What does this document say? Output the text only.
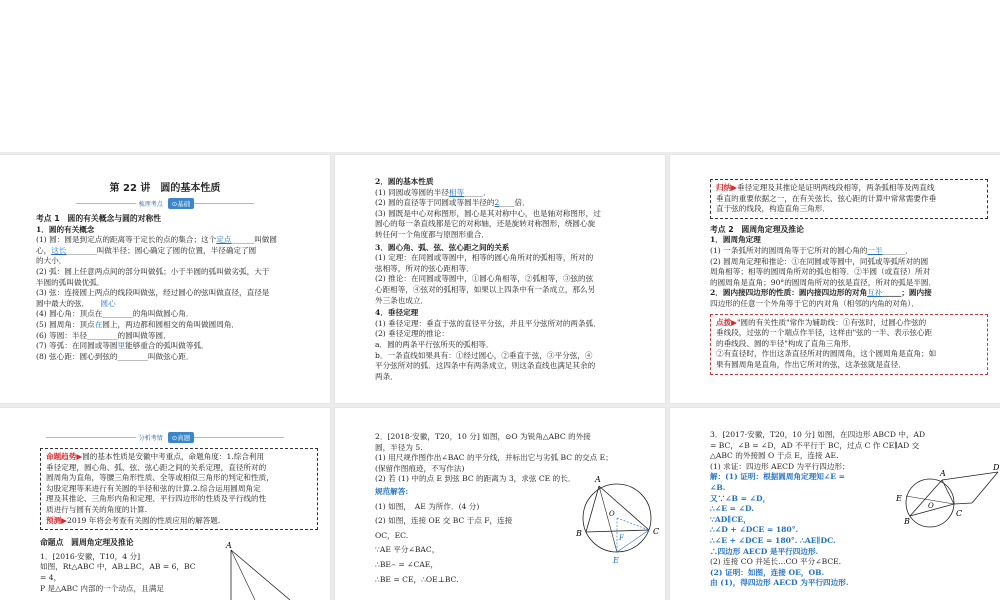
第 22 讲　圆的基本性质
梳理考点	⊙基础
考点 1　圆的有关概念与圆的对称性
1．圆的有关概念
(1) 圆：圆是到定点的距离等于定长的点的集合；这个定点______叫做圆
心，这长________叫做半径；圆心确定了圆的位置，半径确定了圆
的大小．
(2) 弧：圆上任意两点间的部分叫做弧；小于半圆的弧叫做劣弧，大于
半圆的弧叫做优弧．
(3) 弦：连接圆上两点的线段叫做弦，经过圆心的弦叫做直径，直径是
圆中最大的弦．　　 圆心
(4) 圆心角：顶点在________的角叫做圆心角．
(5) 圆周角：顶点在圆上，两边都和圆相交的角叫做圆周角．
(6) 等圆：半径________的圆叫做等圆．
(7) 等弧：在同圆或等圆里能够重合的弧叫做等弧．
(8) 弦心距：圆心到弦的________叫做弦心距．
2．圆的基本性质
(1) 同圆或等圆的半径相等_____．
(2) 圆的直径等于同圆或等圆半径的2____倍．
(3) 圆既是中心对称图形，圆心是其对称中心，也是轴对称图形，过
圆心的每一条直线都是它的对称轴，还是旋转对称图形，绕圆心旋
转任何一个角度都与原图形重合．
3．圆心角、弧、弦、弦心距之间的关系
(1) 定理：在同圆或等圆中，相等的圆心角所对的弧相等，所对的
弦相等，所对的弦心距相等．
(2) 推论：在同圆或等圆中，①圆心角相等，②弧相等，③弦的弦
心距相等，④弦对的弧相等，如果以上四条中有一条成立，那么另
外三条也成立．
4．垂径定理
(1) 垂径定理：垂直于弦的直径平分弦，并且平分弦所对的两条弧．
(2) 垂径定理的推论：
a．圆的两条平行弦所夹的弧相等．
b．一条直线如果具有：①经过圆心，②垂直于弦，③平分弦，④
平分弦所对的弧．这四条中有两条成立，则这条直线也满足其余的
两条．
归纳▶垂径定理及其推论是证明两线段相等，两条弧相等及两直线
垂直的重要依据之一，在有关弦长、弦心距的计算中常常需要作垂
直于弦的线段，构造直角三角形．
考点 2　圆周角定理及推论
1．圆周角定理
(1) 一条弧所对的圆周角等于它所对的圆心角的一半______．
(2) 圆周角定理和推论：①在同圆或等圆中，同弧或等弧所对的圆
周角相等；相等的圆周角所对的弧也相等．②半圆（或直径）所对
的圆周角是直角；90°的圆周角所对的弦是直径，所对的弧是半圆．
2．圆内接四边形的性质：圆内接四边形的对角互补_____；圆内接
四边形的任意一个外角等于它的内对角（相邻的内角的对角）．
点拨▶"圆的有关性质"常作为辅助线：①有弦时，过圆心作弦的
垂线段，过弦的一个端点作半径，这样由"弦的一半、表示弦心距
的垂线段、圆的半径"构成了直角三角形．
②有直径时，作出这条直径所对的圆周角，这个圆周角是直角；如
果有圆周角是直角，作出它所对的弦，这条弦就是直径．
分析考情	⊙真题
命题趋势▶圆的基本性质是安徽中考重点，命题角度：1.综合利用
垂径定理，圆心角、弧、弦、弦心距之间的关系定理，直径所对的
圆周角为直角，等腰三角形性质、全等或相似三角形的判定和性质，
勾股定理等来进行有关圆的半径和弦的计算.2.综合运用圆周角定
理及其推论、三角形内角和定理、平行四边形的性质及平行线的性
质进行与圆有关的角度的计算.
预测▶2019 年将会考查有关圆的性质应用的解答题.
命题点　圆周角定理及推论
1．[2016·安徽，T10，4 分]
如图，Rt△ABC 中，AB⊥BC，AB = 6，BC
= 4，
P 是△ABC 内部的一个动点，且满足
A
2．[2018·安徽，T20，10 分] 如图，⊙O 为锐角△ABC 的外接
圆，半径为 5.
(1) 用尺规作图作出∠BAC 的平分线，并标出它与劣弧 BC 的交点 E；
(保留作图痕迹，不写作法)
(2) 若 (1) 中的点 E 到弦 BC 的距离为 3，求弦 CE 的长．
规范解答:
(1) 如图，　 AE 为所作．(4 分)
(2) 如图，连接 OE 交 BC 于点 F，连接
OC，EC.
∵AE 平分∠BAC，
∴BE⌢ = ∠CAE，
∴BE = CE，∴OE⊥BC.
A
B	C
O
F
E
3．[2017·安徽，T20，10 分] 如图，在四边形 ABCD 中，AD
= BC，∠B = ∠D，AD 不平行于 BC，过点 C 作 CE∥AD 交
△ABC 的外接圆 O 于点 E，连接 AE.
(1) 求证：四边形 AECD 为平行四边形；
解：(1) 证明：根据圆周角定理知∠E =
∠B.
又∵∠B = ∠D，
∴∠E = ∠D.
∵AD∥CE，
∴∠D + ∠DCE = 180°.
∴∠E + ∠DCE = 180°. ∴AE∥DC.
∴四边形 AECD 是平行四边形.
(2) 连接 CO 并延长…CO 平分∠BCE.
(2) 证明：如图，连接 OE，OB.
由 (1)，得四边形 AECD 为平行四边形.
A
D
E
B
C
O
